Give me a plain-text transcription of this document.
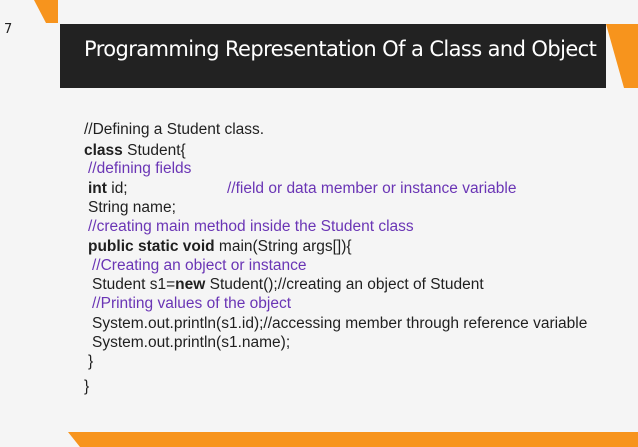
7
Programming Representation Of a Class and Object
//Defining a Student class.
class Student{
//defining fields
int id;	//field or data member or instance variable
String name;
//creating main method inside the Student class
public static void main(String args[]){
//Creating an object or instance
Student s1=new Student();//creating an object of Student
//Printing values of the object
System.out.println(s1.id);//accessing member through reference variable
System.out.println(s1.name);
}
}
